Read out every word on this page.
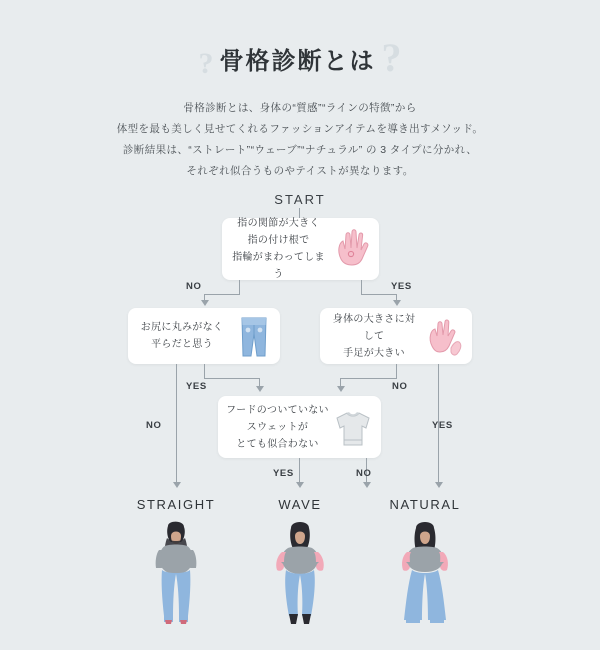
? 骨格診断とは ?
骨格診断とは、身体の“質感”“ラインの特徴”から
体型を最も美しく見せてくれるファッションアイテムを導き出すメソッド。
診断結果は、“ストレート”“ウェーブ”“ナチュラル” の 3 タイプに分かれ、
それぞれ似合うものやテイストが異なります。
START
指の関節が大きく
指の付け根で
指輪がまわってしまう
NO	YES
お尻に丸みがなく
平らだと思う
身体の大きさに対して
手足が大きい
YES
NO
NO
YES
フードのついていない
スウェットが
とても似合わない
YES	NO
STRAIGHT	WAVE	NATURAL
